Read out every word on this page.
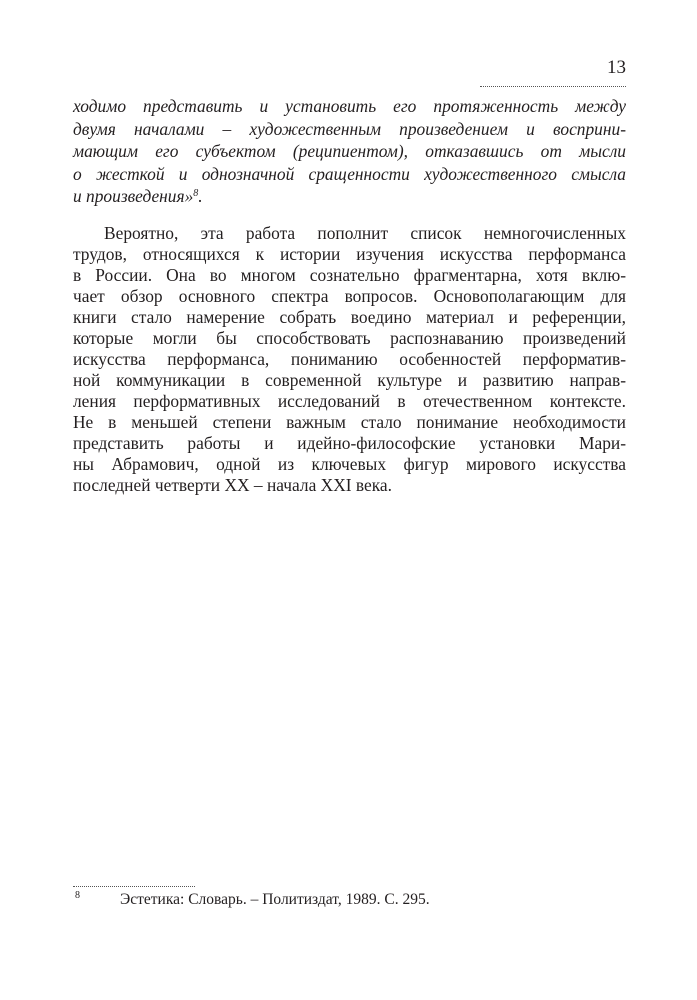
13
ходимо представить и установить его протяженность между
двумя началами – художественным произведением и восприни-
мающим его субъектом (реципиентом), отказавшись от мысли
о жесткой и однозначной сращенности художественного смысла
и произведения»$^8$.
Вероятно, эта работа пополнит список немногочисленных
трудов, относящихся к истории изучения искусства перформанса
в России. Она во многом сознательно фрагментарна, хотя вклю-
чает обзор основного спектра вопросов. Основополагающим для
книги стало намерение собрать воедино материал и референции,
которые могли бы способствовать распознаванию произведений
искусства перформанса, пониманию особенностей перформатив-
ной коммуникации в современной культуре и развитию направ-
ления перформативных исследований в отечественном контексте.
Не в меньшей степени важным стало понимание необходимости
представить работы и идейно-философские установки Мари-
ны Абрамович, одной из ключевых фигур мирового искусства
последней четверти XX – начала XXI века.
8	Эстетика: Словарь. – Политиздат, 1989. С. 295.
